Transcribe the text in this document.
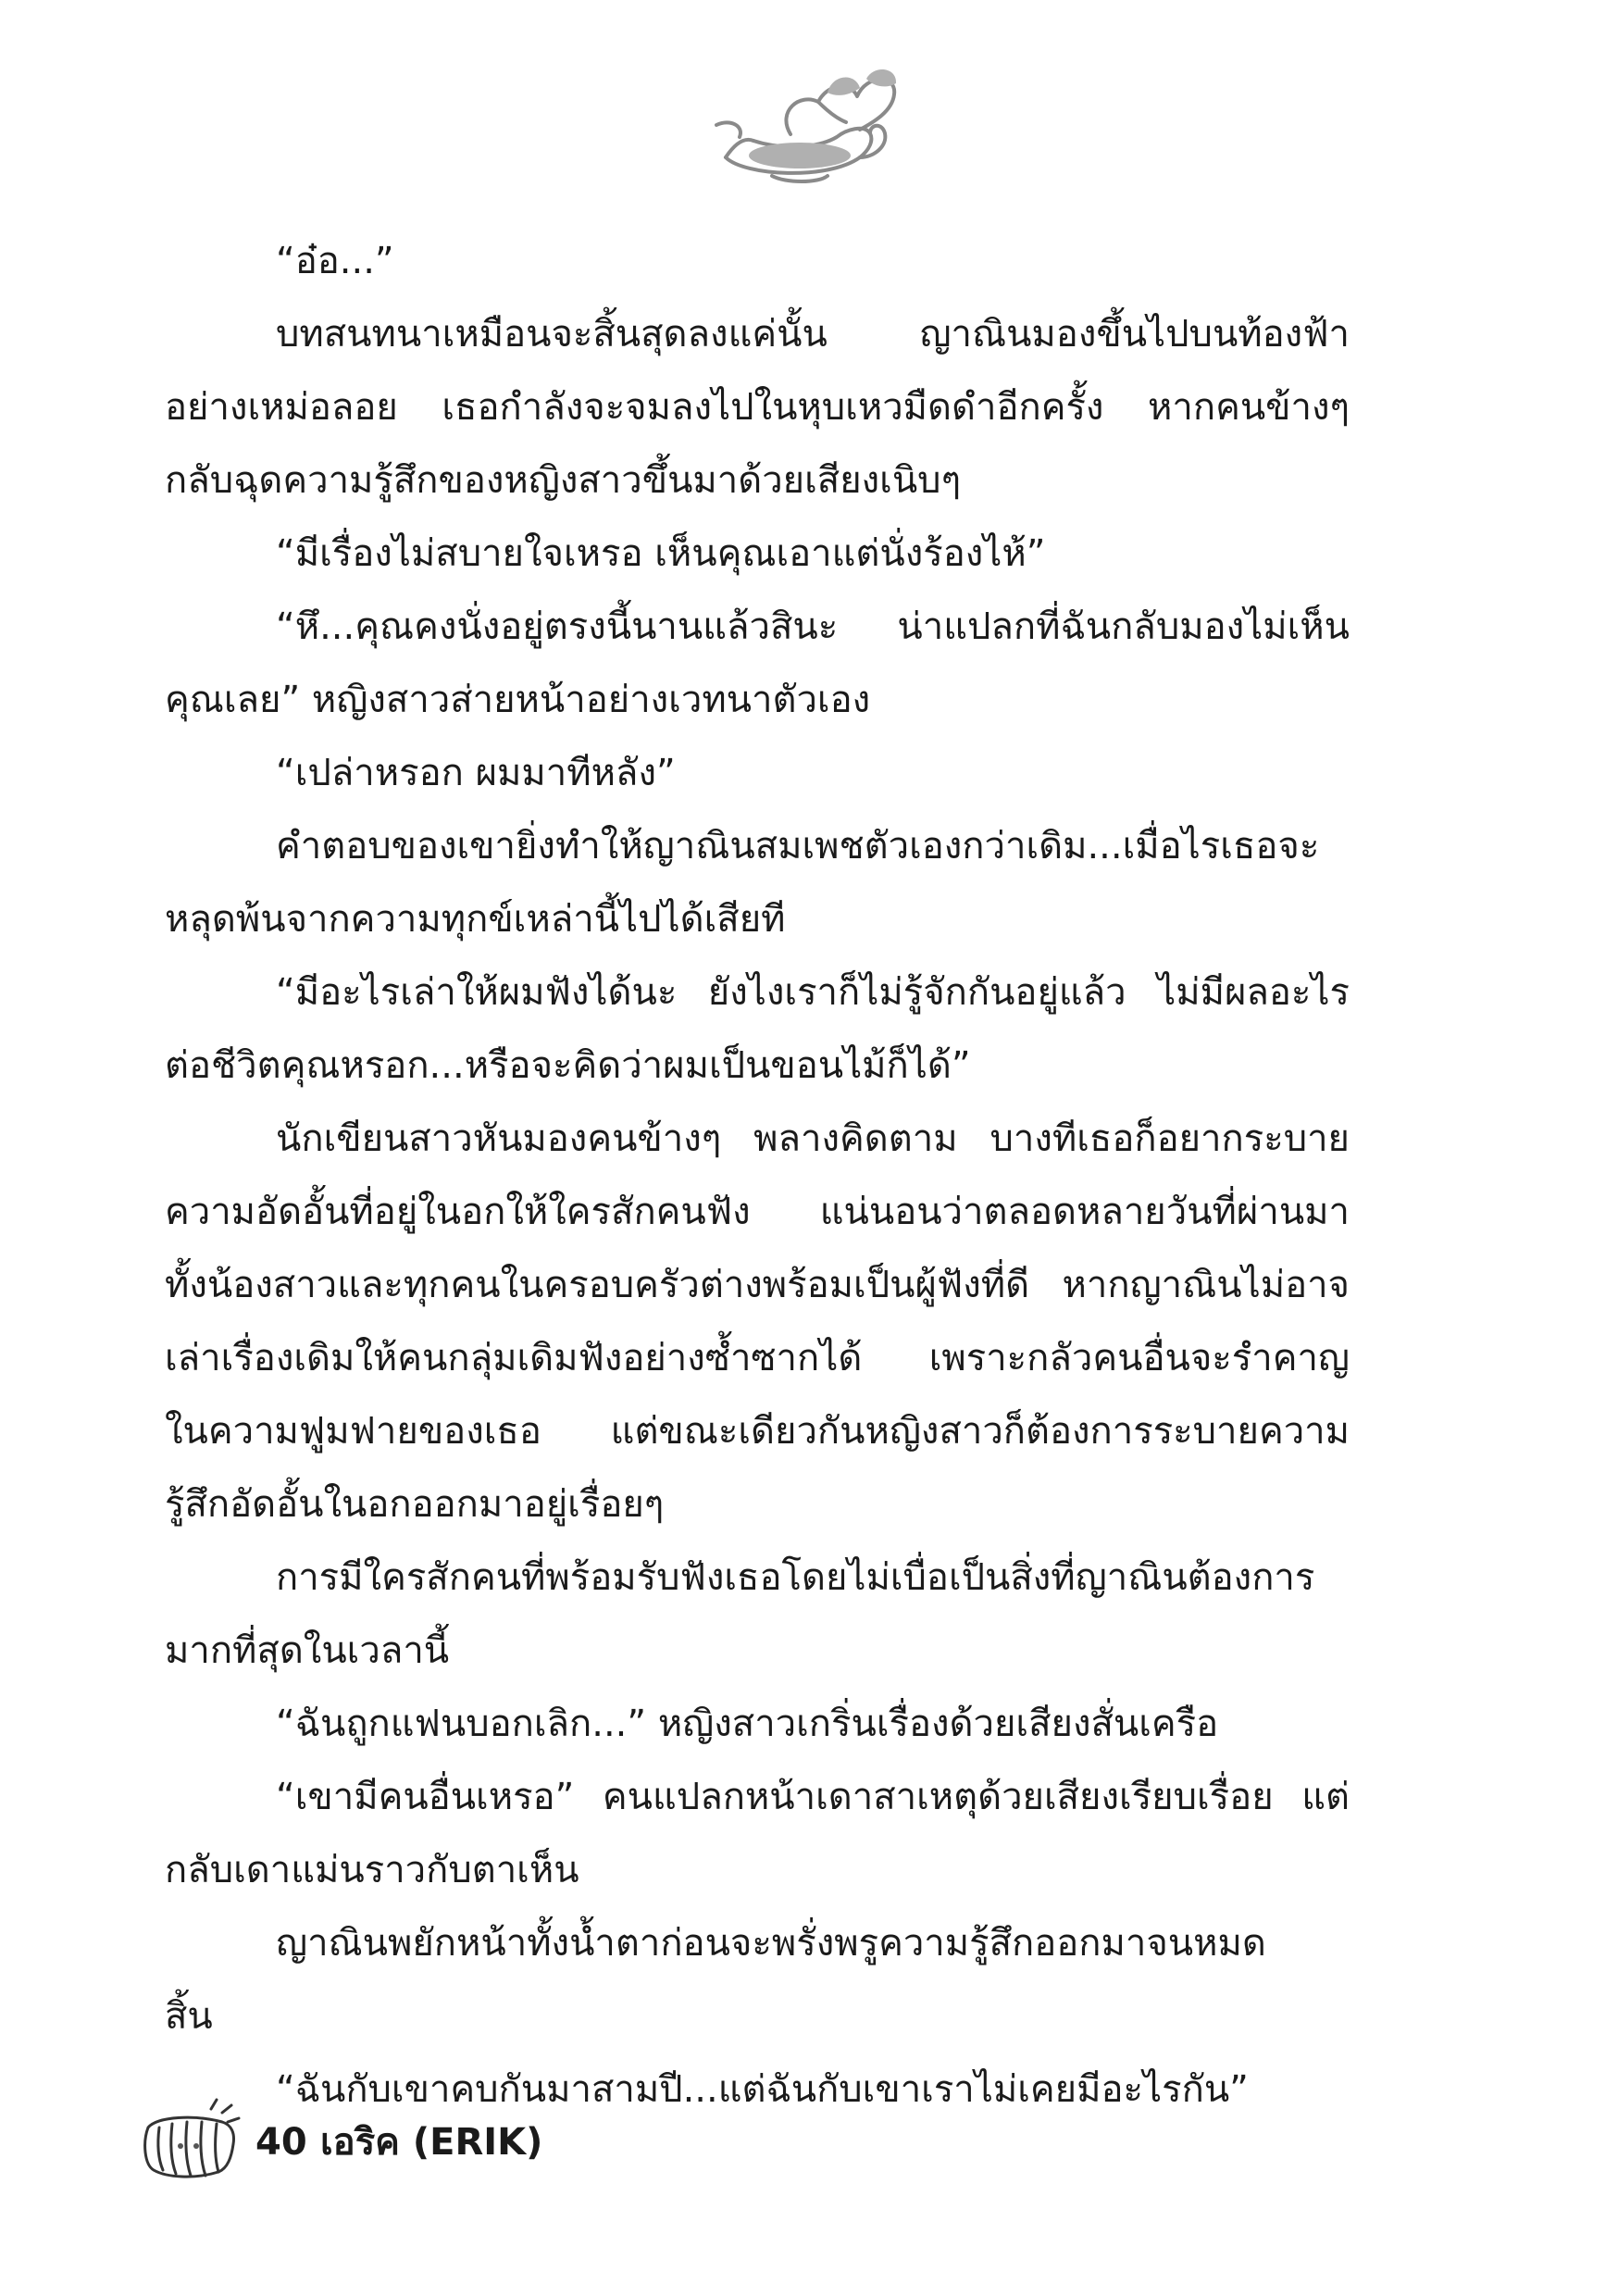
“อ๋อ...”
บทสนทนาเหมือนจะสิ้นสุดลงแค่นั้น ญาณินมองขึ้นไปบนท้องฟ้า
อย่างเหม่อลอย เธอกำลังจะจมลงไปในหุบเหวมืดดำอีกครั้ง หากคนข้างๆ
กลับฉุดความรู้สึกของหญิงสาวขึ้นมาด้วยเสียงเนิบๆ
“มีเรื่องไม่สบายใจเหรอ เห็นคุณเอาแต่นั่งร้องไห้”
“หึ...คุณคงนั่งอยู่ตรงนี้นานแล้วสินะ น่าแปลกที่ฉันกลับมองไม่เห็น
คุณเลย” หญิงสาวส่ายหน้าอย่างเวทนาตัวเอง
“เปล่าหรอก ผมมาทีหลัง”
คำตอบของเขายิ่งทำให้ญาณินสมเพชตัวเองกว่าเดิม...เมื่อไรเธอจะ
หลุดพ้นจากความทุกข์เหล่านี้ไปได้เสียที
“มีอะไรเล่าให้ผมฟังได้นะ ยังไงเราก็ไม่รู้จักกันอยู่แล้ว ไม่มีผลอะไร
ต่อชีวิตคุณหรอก...หรือจะคิดว่าผมเป็นขอนไม้ก็ได้”
นักเขียนสาวหันมองคนข้างๆ พลางคิดตาม บางทีเธอก็อยากระบาย
ความอัดอั้นที่อยู่ในอกให้ใครสักคนฟัง แน่นอนว่าตลอดหลายวันที่ผ่านมา
ทั้งน้องสาวและทุกคนในครอบครัวต่างพร้อมเป็นผู้ฟังที่ดี หากญาณินไม่อาจ
เล่าเรื่องเดิมให้คนกลุ่มเดิมฟังอย่างซ้ำซากได้ เพราะกลัวคนอื่นจะรำคาญ
ในความฟูมฟายของเธอ แต่ขณะเดียวกันหญิงสาวก็ต้องการระบายความ
รู้สึกอัดอั้นในอกออกมาอยู่เรื่อยๆ
การมีใครสักคนที่พร้อมรับฟังเธอโดยไม่เบื่อเป็นสิ่งที่ญาณินต้องการ
มากที่สุดในเวลานี้
“ฉันถูกแฟนบอกเลิก...” หญิงสาวเกริ่นเรื่องด้วยเสียงสั่นเครือ
“เขามีคนอื่นเหรอ” คนแปลกหน้าเดาสาเหตุด้วยเสียงเรียบเรื่อย แต่
กลับเดาแม่นราวกับตาเห็น
ญาณินพยักหน้าทั้งน้ำตาก่อนจะพรั่งพรูความรู้สึกออกมาจนหมด
สิ้น
“ฉันกับเขาคบกันมาสามปี...แต่ฉันกับเขาเราไม่เคยมีอะไรกัน”
40 เอริค (ERIK)
